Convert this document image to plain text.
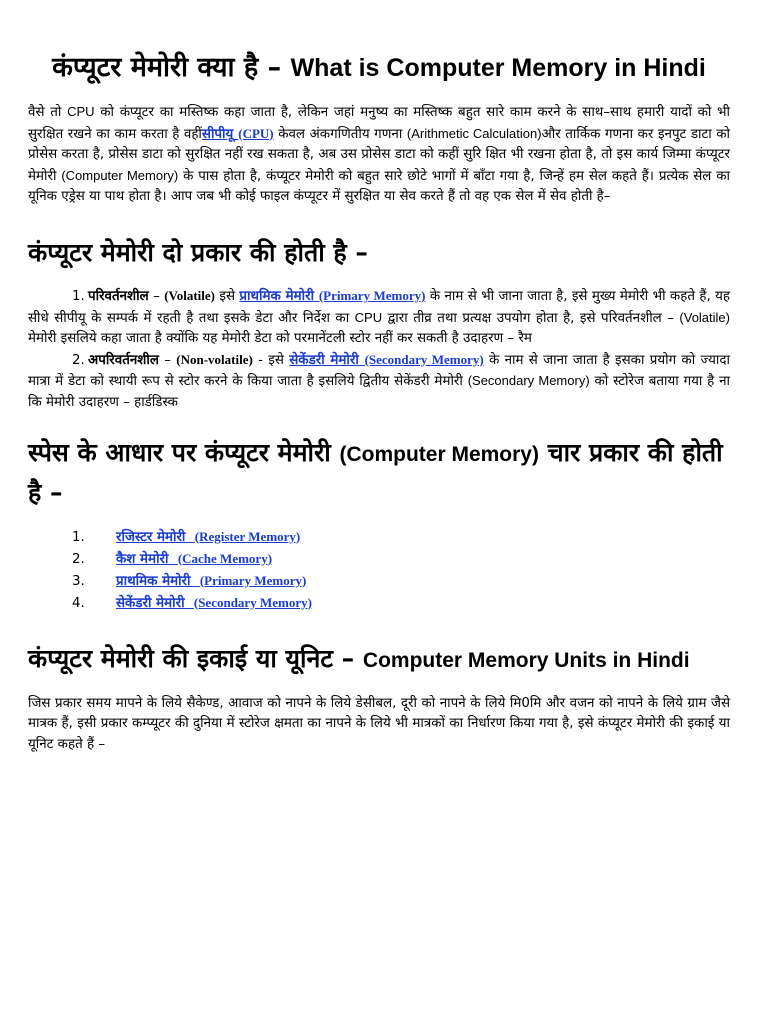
कंप्यूटर मेमोरी क्या है – What is Computer Memory in Hindi

वैसे तो CPU को कंप्यूटर का मस्तिष्क कहा जाता है, लेकिन जहां मनुष्य का मस्तिष्क बहुत सारे काम करने के साथ–साथ हमारी यादों को भी सुरक्षित रखने का काम करता है वहींसीपीयू (CPU) केवल अंकगणितीय गणना (Arithmetic Calculation)और तार्किक गणना कर इनपुट डाटा को प्रोसेस करता है, प्रोसेस डाटा को सुरक्षित नहीं रख सकता है, अब उस प्रोसेस डाटा को कहीं सुरि क्षित भी रखना होता है, तो इस कार्य जिम्मा कंप्यूटर मेमोरी (Computer Memory) के पास होता है, कंप्यूटर मेमोरी को बहुत सारे छोटे भागों में बाँटा गया है, जिन्हें हम सेल कहते हैं। प्रत्येक सेल का यूनिक एड्रेस या पाथ होता है। आप जब भी कोई फाइल कंप्यूटर में सुरक्षित या सेव करते हैं तो वह एक सेल में सेव होती है–

कंप्यूटर मेमोरी दो प्रकार की होती है –
1. परिवर्तनशील – (Volatile) इसे प्राथमिक मेमोरी (Primary Memory) के नाम से भी जाना जाता है, इसे मुख्य मेमोरी भी कहते हैं, यह सीधे सीपीयू के सम्पर्क में रहती है तथा इसके डेटा और निर्देश का CPU द्वारा तीव्र तथा प्रत्यक्ष उपयोग होता है, इसे परिवर्तनशील – (Volatile) मेमोरी इसलिये कहा जाता है क्योंकि यह मेमोरी डेटा को परमानेंटली स्टोर नहीं कर सकती है उदाहरण – रैम
2. अपरिवर्तनशील – (Non-volatile) - इसे सेकेंडरी मेमोरी (Secondary Memory) के नाम से जाना जाता है इसका प्रयोग को ज्यादा मात्रा में डेटा को स्थायी रूप से स्टोर करने के किया जाता है इसलिये द्वितीय सेकेंडरी मेमोरी (Secondary Memory) को स्टोरेज बताया गया है ना कि मेमोरी उदाहरण – हार्डडिस्क
स्पेस के आधार पर कंप्यूटर मेमोरी (Computer Memory) चार प्रकार की होती है –
1. रजिस्टर मेमोरी (Register Memory)
2. कैश मेमोरी (Cache Memory)
3. प्राथमिक मेमोरी (Primary Memory)
4. सेकेंडरी मेमोरी (Secondary Memory)
कंप्यूटर मेमोरी की इकाई या यूनिट – Computer Memory Units in Hindi

जिस प्रकार समय मापने के लिये सैकेण्ड, आवाज को नापने के लिये डेसीबल, दूरी को नापने के लिये मि0मि और वजन को नापने के लिये ग्राम जैसे मात्रक हैं, इसी प्रकार कम्प्यूटर की दुनिया में स्टोरेज क्षमता का नापने के लिये भी मात्रकों का निर्धारण किया गया है, इसे कंप्यूटर मेमोरी की इकाई या यूनिट कहते हैं –
